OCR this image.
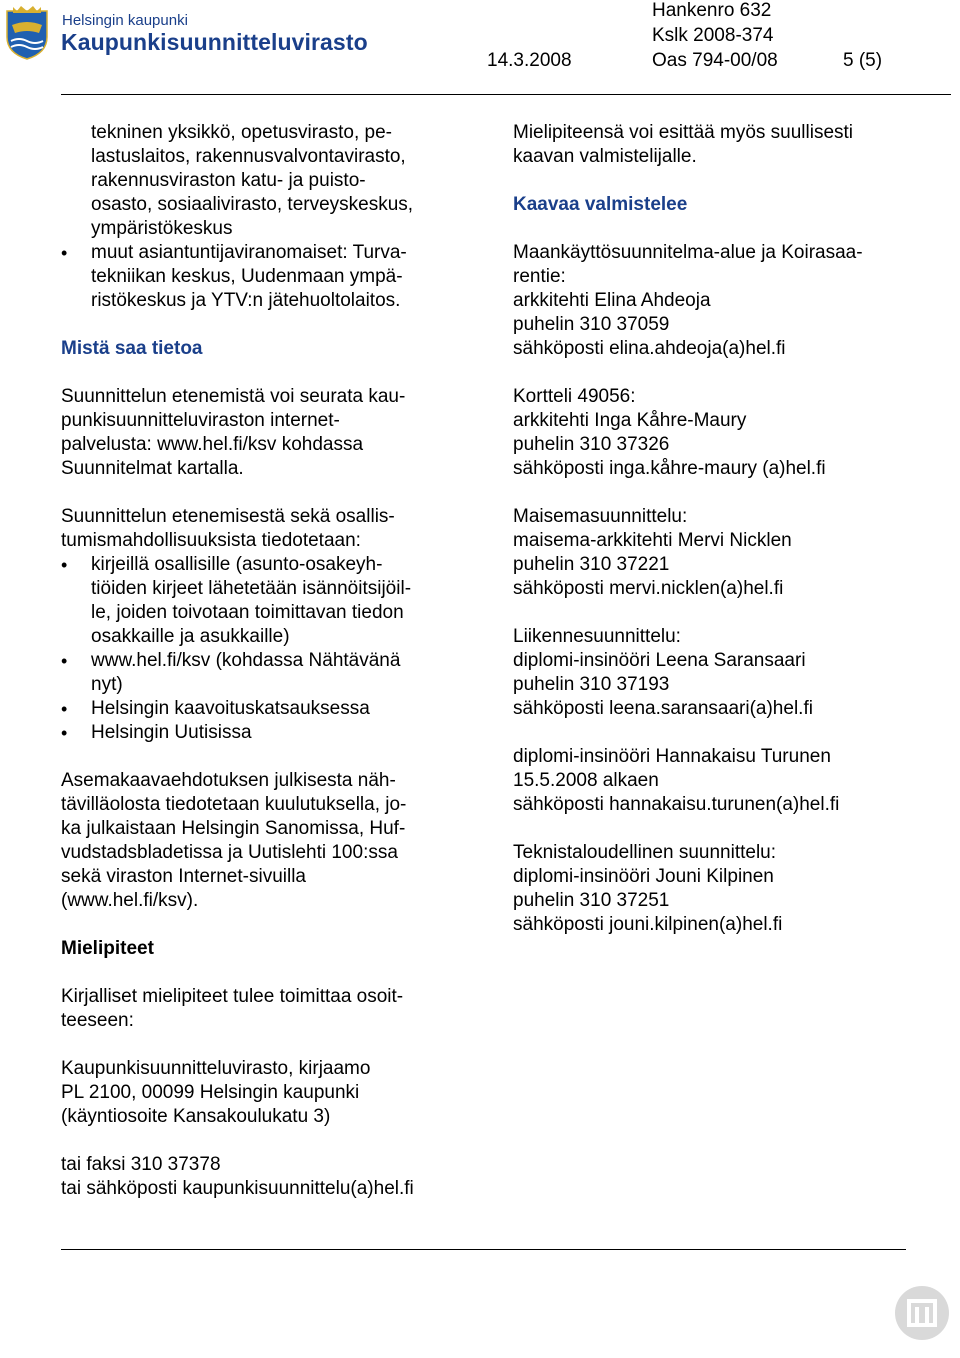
Helsingin kaupunki
Kaupunkisuunnitteluvirasto
Hankenro 632
Kslk 2008-374
14.3.2008	Oas 794-00/08	5 (5)

tekninen yksikkö, opetusvirasto, pe-
lastuslaitos, rakennusvalvontavirasto,
rakennusviraston katu- ja puisto-
osasto, sosiaalivirasto, terveyskeskus,
ympäristökeskus

• muut asiantuntijaviranomaiset: Turva-
tekniikan keskus, Uudenmaan ympä-
ristökeskus ja YTV:n jätehuoltolaitos.

Mistä saa tietoa

Suunnittelun etenemistä voi seurata kau-
punkisuunnitteluviraston internet-
palvelusta: www.hel.fi/ksv kohdassa
Suunnitelmat kartalla.

Suunnittelun etenemisestä sekä osallis-
tumismahdollisuuksista tiedotetaan:

• kirjeillä osallisille (asunto-osakeyh-
tiöiden kirjeet lähetetään isännöitsijöil-
le, joiden toivotaan toimittavan tiedon
osakkaille ja asukkaille)
• www.hel.fi/ksv (kohdassa Nähtävänä
nyt)
• Helsingin kaavoituskatsauksessa
• Helsingin Uutisissa

Asemakaavaehdotuksen julkisesta näh-
tävilläolosta tiedotetaan kuulutuksella, jo-
ka julkaistaan Helsingin Sanomissa, Huf-
vudstadsbladetissa ja Uutislehti 100:ssa
sekä viraston Internet-sivuilla
(www.hel.fi/ksv).

Mielipiteet

Kirjalliset mielipiteet tulee toimittaa osoit-
teeseen:

Kaupunkisuunnitteluvirasto, kirjaamo
PL 2100, 00099 Helsingin kaupunki
(käyntiosoite Kansakoulukatu 3)

tai faksi 310 37378
tai sähköposti kaupunkisuunnittelu(a)hel.fi

Mielipiteensä voi esittää myös suullisesti
kaavan valmistelijalle.

Kaavaa valmistelee

Maankäyttösuunnitelma-alue ja Koirasaa-
rentie:
arkkitehti Elina Ahdeoja
puhelin 310 37059
sähköposti elina.ahdeoja(a)hel.fi

Kortteli 49056:
arkkitehti Inga Kåhre-Maury
puhelin 310 37326
sähköposti inga.kåhre-maury (a)hel.fi

Maisemasuunnittelu:
maisema-arkkitehti Mervi Nicklen
puhelin 310 37221
sähköposti mervi.nicklen(a)hel.fi

Liikennesuunnittelu:
diplomi-insinööri Leena Saransaari
puhelin 310 37193
sähköposti leena.saransaari(a)hel.fi

diplomi-insinööri Hannakaisu Turunen
15.5.2008 alkaen
sähköposti hannakaisu.turunen(a)hel.fi

Teknistaloudellinen suunnittelu:
diplomi-insinööri Jouni Kilpinen
puhelin 310 37251
sähköposti jouni.kilpinen(a)hel.fi
